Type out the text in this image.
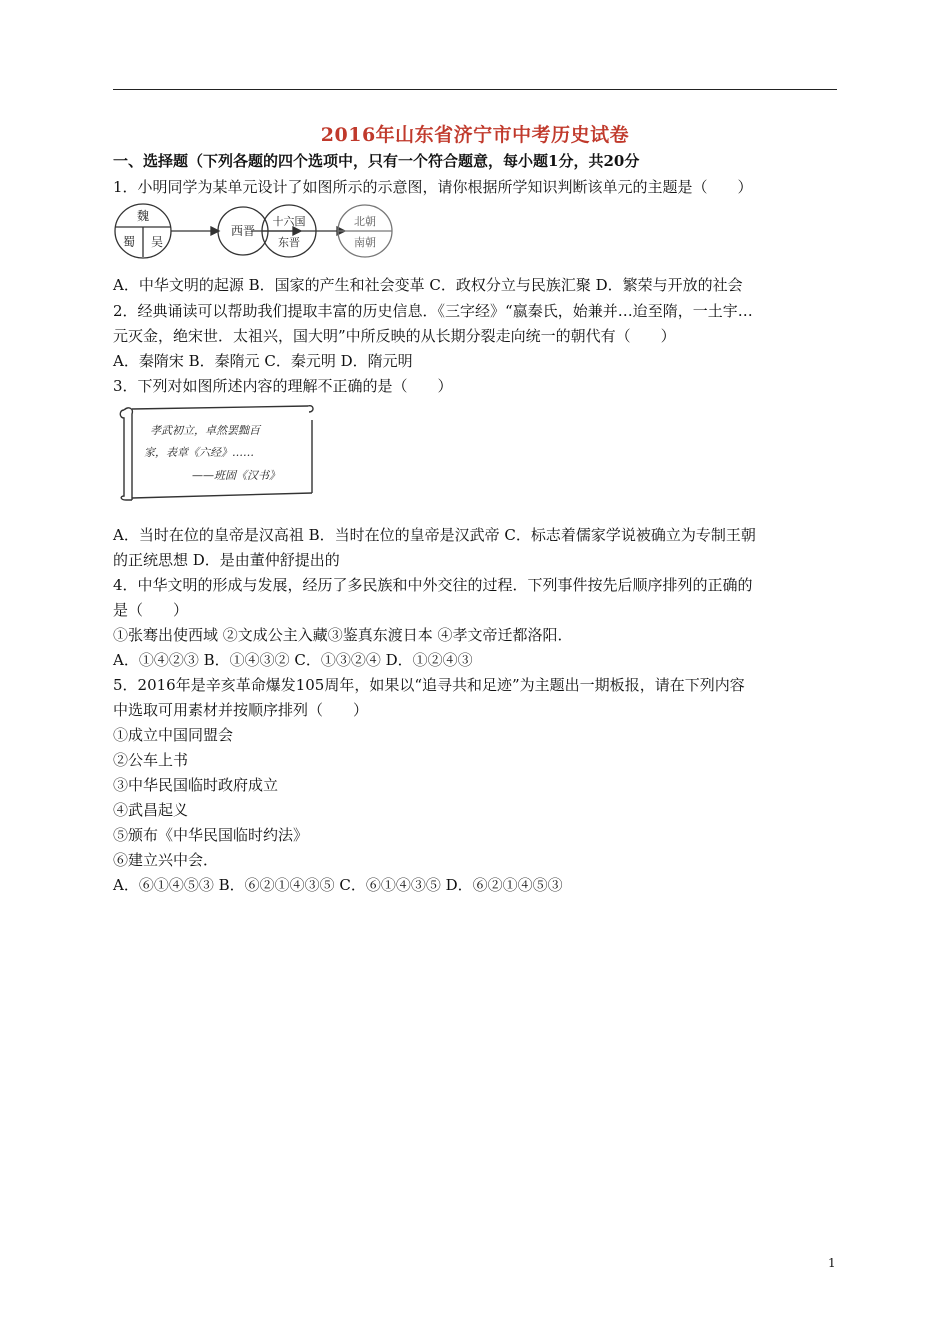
2016年山东省济宁市中考历史试卷
一、选择题（下列各题的四个选项中，只有一个符合题意，每小题1分，共20分
1．小明同学为某单元设计了如图所示的示意图，请你根据所学知识判断该单元的主题是（　　）
魏
蜀 吴
西晋
十六国
东晋
北朝
南朝
A．中华文明的起源 B．国家的产生和社会变革 C．政权分立与民族汇聚 D．繁荣与开放的社会
2．经典诵读可以帮助我们提取丰富的历史信息．《三字经》“嬴秦氏，始兼并…迨至隋，一土宇…
元灭金，绝宋世．太祖兴，国大明”中所反映的从长期分裂走向统一的朝代有（　　）
A．秦隋宋 B．秦隋元 C．秦元明 D．隋元明
3．下列对如图所述内容的理解不正确的是（　　）
孝武初立，卓然罢黜百
家，表章《六经》……
——班固《汉书》
A．当时在位的皇帝是汉高祖 B．当时在位的皇帝是汉武帝 C．标志着儒家学说被确立为专制王朝
的正统思想 D．是由董仲舒提出的
4．中华文明的形成与发展，经历了多民族和中外交往的过程．下列事件按先后顺序排列的正确的
是（　　）
①张骞出使西域 ②文成公主入藏③鉴真东渡日本 ④孝文帝迁都洛阳．
A．①④②③ B．①④③② C．①③②④ D．①②④③
5．2016年是辛亥革命爆发105周年，如果以“追寻共和足迹”为主题出一期板报，请在下列内容
中选取可用素材并按顺序排列（　　）
①成立中国同盟会
②公车上书
③中华民国临时政府成立
④武昌起义
⑤颁布《中华民国临时约法》
⑥建立兴中会．
A．⑥①④⑤③ B．⑥②①④③⑤ C．⑥①④③⑤ D．⑥②①④⑤③
1
